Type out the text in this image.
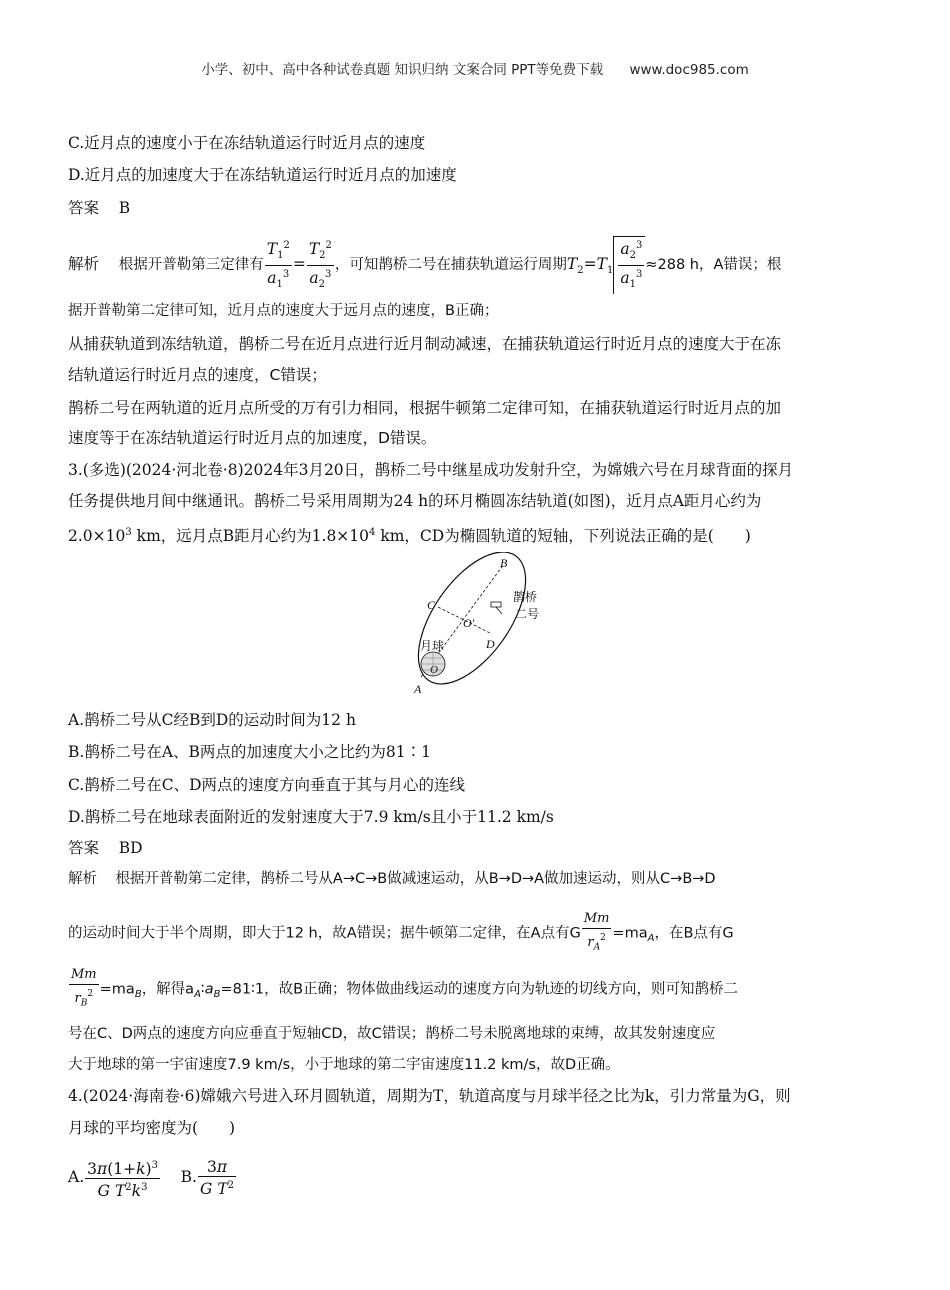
小学、初中、高中各种试卷真题 知识归纳 文案合同 PPT等免费下载 www.doc985.com
C.近月点的速度小于在冻结轨道运行时近月点的速度
D.近月点的加速度大于在冻结轨道运行时近月点的加速度
答案 B
解析 根据开普勒第三定律有 $\frac{T_1^2}{a_1^3} = \frac{T_2^2}{a_2^3}$ ，可知鹊桥二号在捕获轨道运行周期$T_2=T_1 \frac{a_2^3}{a_1^3} \approx 288$ h，A错误；根
据开普勒第二定律可知，近月点的速度大于远月点的速度，B正确；
从捕获轨道到冻结轨道，鹊桥二号在近月点进行近月制动减速，在捕获轨道运行时近月点的速度大于在冻
结轨道运行时近月点的速度，C错误；
鹊桥二号在两轨道的近月点所受的万有引力相同，根据牛顿第二定律可知，在捕获轨道运行时近月点的加
速度等于在冻结轨道运行时近月点的加速度，D错误。
3.(多选)(2024·河北卷·8)2024年3月20日，鹊桥二号中继星成功发射升空，为嫦娥六号在月球背面的探月
任务提供地月间中继通讯。鹊桥二号采用周期为24 h的环月椭圆冻结轨道(如图)，近月点A距月心约为
$2.0\times 10^3$ km，远月点B距月心约为$1.8\times 10^4$ km，CD为椭圆轨道的短轴，下列说法正确的是(　　)
B
C
O′
D
月球
O
A
鹊桥
二号
A.鹊桥二号从C经B到D的运动时间为12 h
B.鹊桥二号在A、B两点的加速度大小之比约为81∶1
C.鹊桥二号在C、D两点的速度方向垂直于其与月心的连线
D.鹊桥二号在地球表面附近的发射速度大于7.9 km/s且小于11.2 km/s
答案 BD
解析 根据开普勒第二定律，鹊桥二号从A→C→B做减速运动，从B→D→A做加速运动，则从C→B→D
的运动时间大于半个周期，即大于12 h，故A错误；据牛顿第二定律，在A点有G $\frac{Mm}{r_A^2} =ma_A$，在B点有G
$\frac{Mm}{r_B^2} =ma_B$，解得$a_A∶a_B=81∶1$，故B正确；物体做曲线运动的速度方向为轨迹的切线方向，则可知鹊桥二
号在C、D两点的速度方向应垂直于短轴CD，故C错误；鹊桥二号未脱离地球的束缚，故其发射速度应
大于地球的第一宇宙速度7.9 km/s，小于地球的第二宇宙速度11.2 km/s，故D正确。
4.(2024·海南卷·6)嫦娥六号进入环月圆轨道，周期为T，轨道高度与月球半径之比为k，引力常量为G，则
月球的平均密度为(　　)
A. $\frac{3\pi(1+k)^3}{G T^2k^3} B$. $\frac{3\pi}{G T^2}$
